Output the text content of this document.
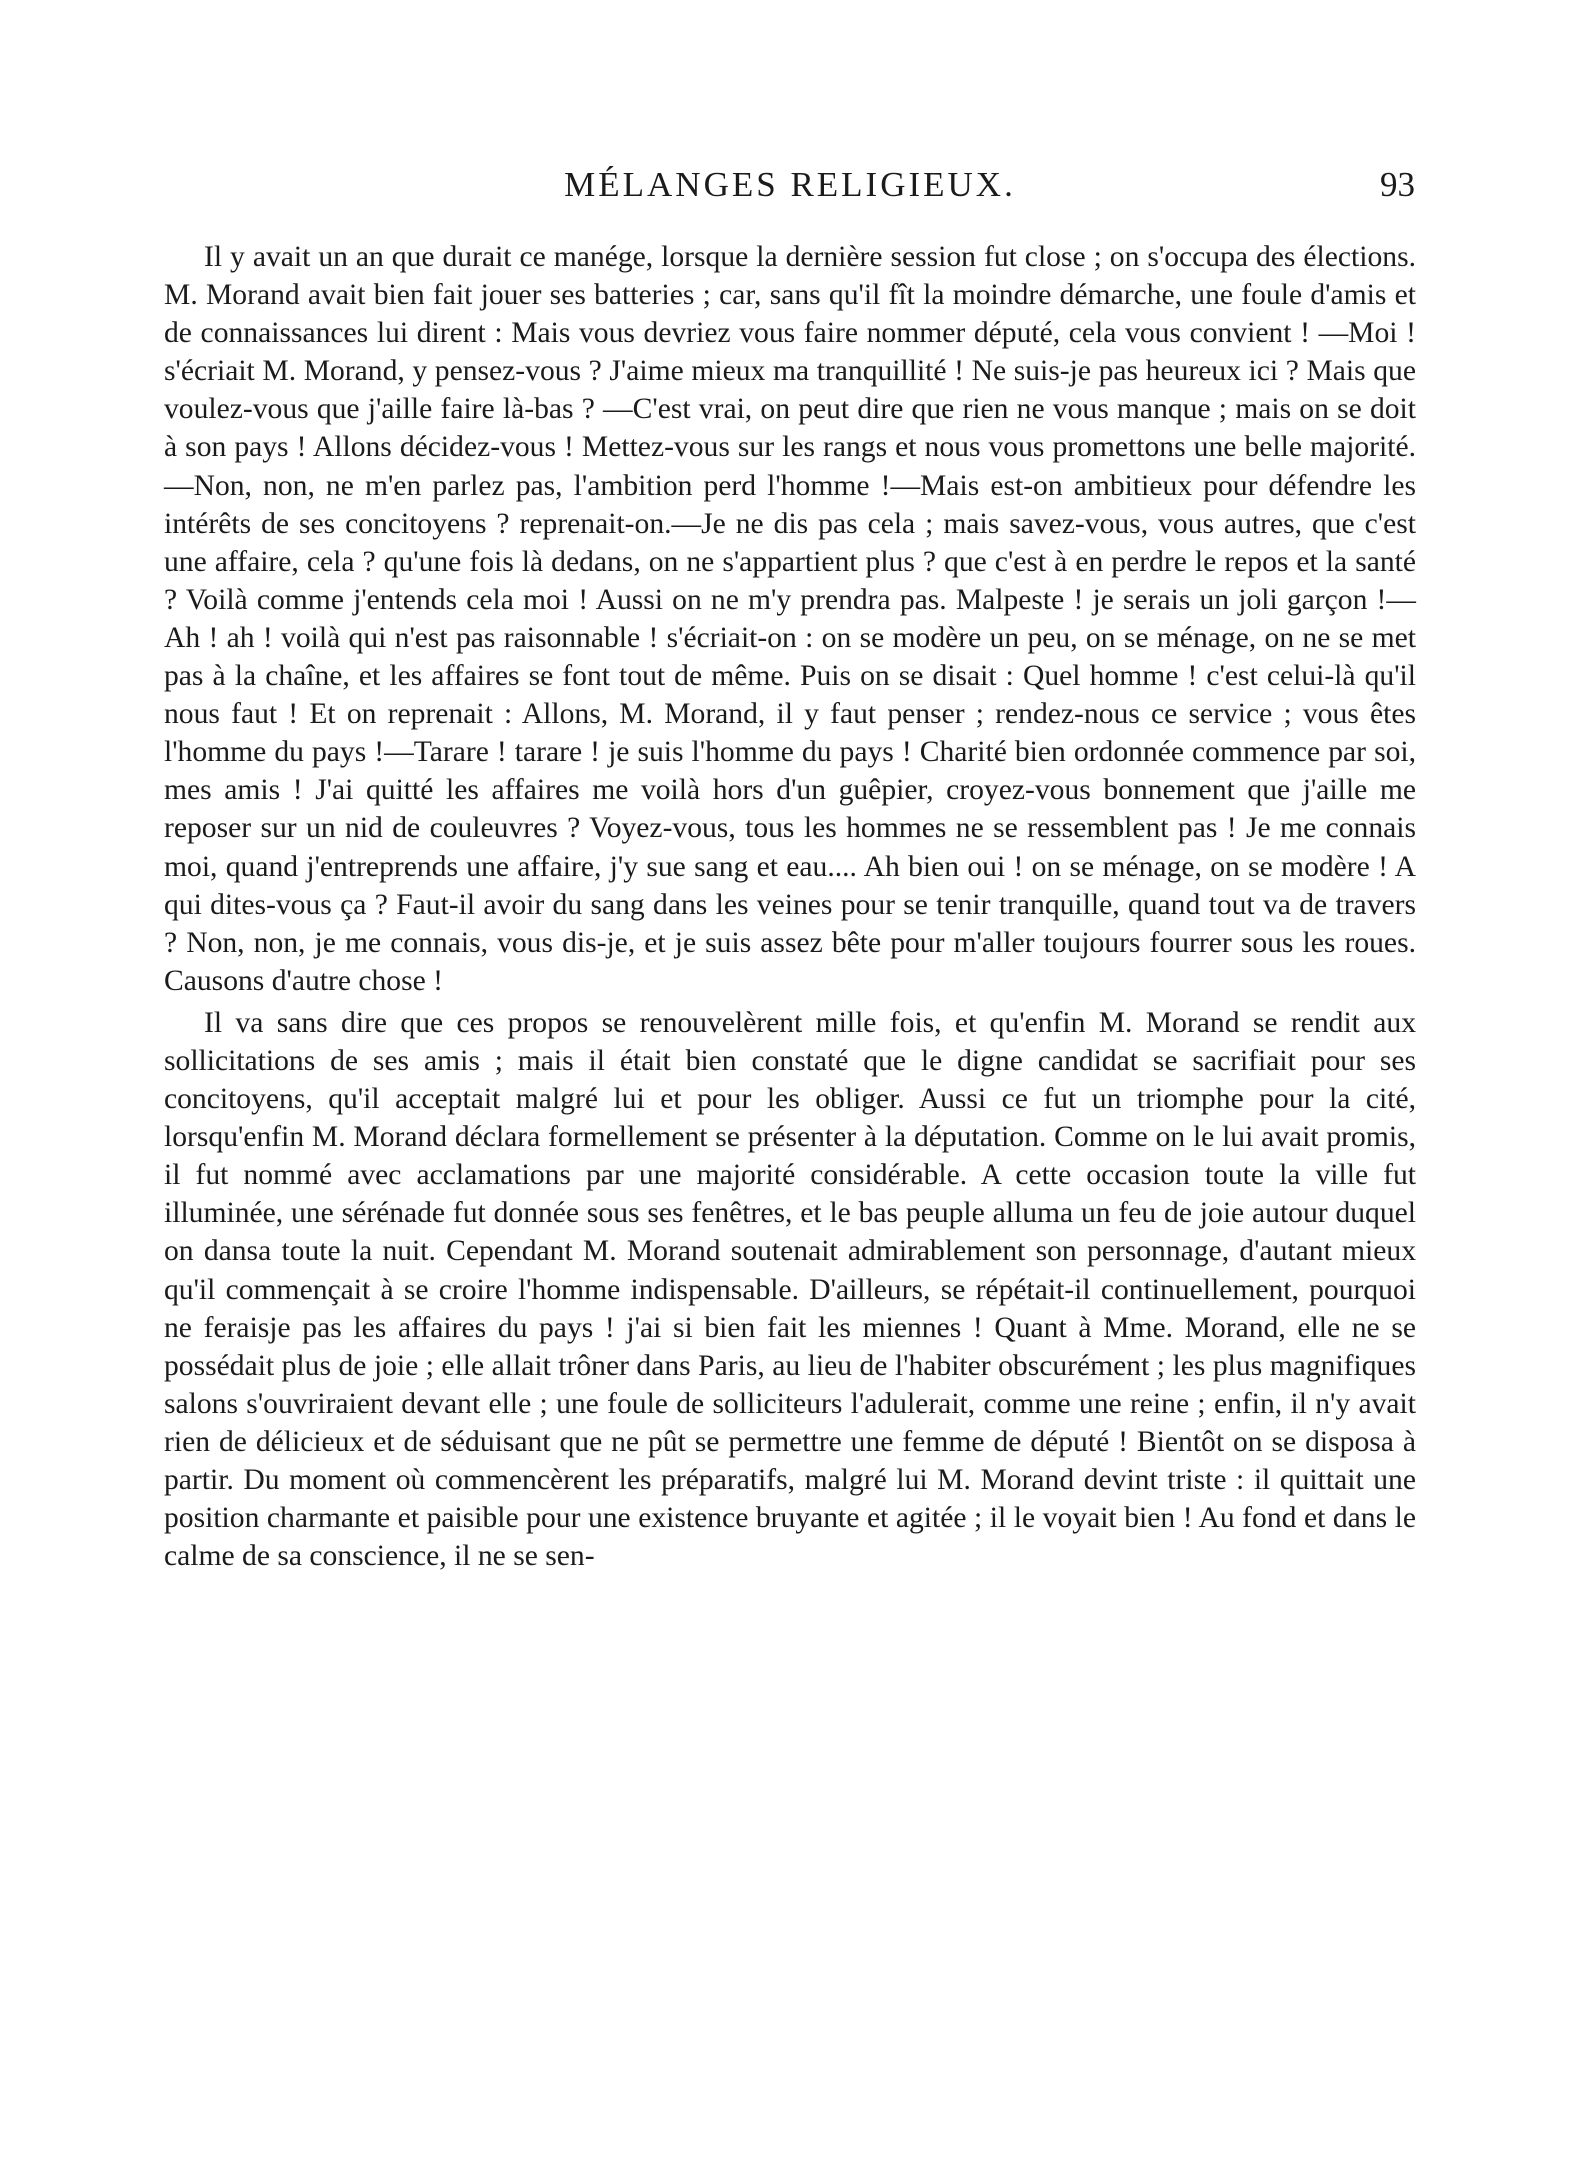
MÉLANGES RELIGIEUX.	93

Il y avait un an que durait ce manége, lorsque la dernière session fut close ; on s'occupa des élections. M. Morand avait bien fait jouer ses batteries ; car, sans qu'il fît la moindre démarche, une foule d'amis et de connaissances lui dirent : Mais vous devriez vous faire nommer député, cela vous convient ! —Moi ! s'écriait M. Morand, y pensez-vous ? J'aime mieux ma tranquillité ! Ne suis-je pas heureux ici ? Mais que voulez-vous que j'aille faire là-bas ? —C'est vrai, on peut dire que rien ne vous manque ; mais on se doit à son pays ! Allons décidez-vous ! Mettez-vous sur les rangs et nous vous promettons une belle majorité.—Non, non, ne m'en parlez pas, l'ambition perd l'homme !—Mais est-on ambitieux pour défendre les intérêts de ses concitoyens ? reprenait-on.—Je ne dis pas cela ; mais savez-vous, vous autres, que c'est une affaire, cela ? qu'une fois là dedans, on ne s'appartient plus ? que c'est à en perdre le repos et la santé ? Voilà comme j'entends cela moi ! Aussi on ne m'y prendra pas. Malpeste ! je serais un joli garçon !—Ah ! ah ! voilà qui n'est pas raisonnable ! s'écriait-on : on se modère un peu, on se ménage, on ne se met pas à la chaîne, et les affaires se font tout de même. Puis on se disait : Quel homme ! c'est celui-là qu'il nous faut ! Et on reprenait : Allons, M. Morand, il y faut penser ; rendez-nous ce service ; vous êtes l'homme du pays !—Tarare ! tarare ! je suis l'homme du pays ! Charité bien ordonnée commence par soi, mes amis ! J'ai quitté les affaires me voilà hors d'un guêpier, croyez-vous bonnement que j'aille me reposer sur un nid de couleuvres ? Voyez-vous, tous les hommes ne se ressemblent pas ! Je me connais moi, quand j'entreprends une affaire, j'y sue sang et eau.... Ah bien oui ! on se ménage, on se modère ! A qui dites-vous ça ? Faut-il avoir du sang dans les veines pour se tenir tranquille, quand tout va de travers ? Non, non, je me connais, vous dis-je, et je suis assez bête pour m'aller toujours fourrer sous les roues. Causons d'autre chose !

Il va sans dire que ces propos se renouvelèrent mille fois, et qu'enfin M. Morand se rendit aux sollicitations de ses amis ; mais il était bien constaté que le digne candidat se sacrifiait pour ses concitoyens, qu'il acceptait malgré lui et pour les obliger. Aussi ce fut un triomphe pour la cité, lorsqu'enfin M. Morand déclara formellement se présenter à la députation. Comme on le lui avait promis, il fut nommé avec acclamations par une majorité considérable. A cette occasion toute la ville fut illuminée, une sérénade fut donnée sous ses fenêtres, et le bas peuple alluma un feu de joie autour duquel on dansa toute la nuit. Cependant M. Morand soutenait admirablement son personnage, d'autant mieux qu'il commençait à se croire l'homme indispensable. D'ailleurs, se répétait-il continuellement, pourquoi ne feraisje pas les affaires du pays ! j'ai si bien fait les miennes ! Quant à Mme. Morand, elle ne se possédait plus de joie ; elle allait trôner dans Paris, au lieu de l'habiter obscurément ; les plus magnifiques salons s'ouvriraient devant elle ; une foule de solliciteurs l'adulerait, comme une reine ; enfin, il n'y avait rien de délicieux et de séduisant que ne pût se permettre une femme de député ! Bientôt on se disposa à partir. Du moment où commencèrent les préparatifs, malgré lui M. Morand devint triste : il quittait une position charmante et paisible pour une existence bruyante et agitée ; il le voyait bien ! Au fond et dans le calme de sa conscience, il ne se sen-
